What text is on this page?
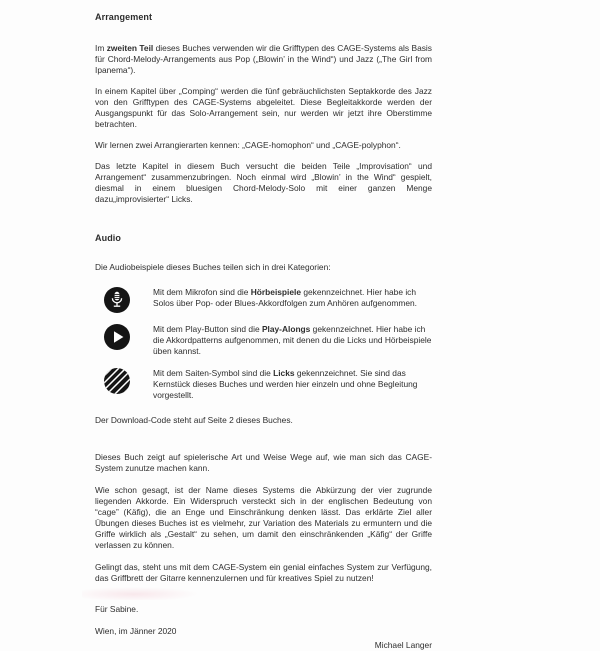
Arrangement

Im zweiten Teil dieses Buches verwenden wir die Grifftypen des CAGE-Systems als Basis für Chord-Melody-Arrangements aus Pop („Blowin’ in the Wind“) und Jazz („The Girl from Ipanema“).

In einem Kapitel über „Comping“ werden die fünf gebräuchlichsten Septakkorde des Jazz von den Grifftypen des CAGE-Systems abgeleitet. Diese Begleitakkorde werden der Ausgangspunkt für das Solo-Arrangement sein, nur werden wir jetzt ihre Oberstimme betrachten.

Wir lernen zwei Arrangierarten kennen: „CAGE-homophon“ und „CAGE-polyphon“.

Das letzte Kapitel in diesem Buch versucht die beiden Teile „Improvisation“ und Arrangement“ zusammenzubringen. Noch einmal wird „Blowin’ in the Wind“ gespielt, diesmal in einem bluesigen Chord-Melody-Solo mit einer ganzen Menge dazu„improvisierter“ Licks.

Audio
Die Audiobeispiele dieses Buches teilen sich in drei Kategorien:
Mit dem Mikrofon sind die Hörbeispiele gekennzeichnet. Hier habe ich Solos über Pop- oder Blues-Akkordfolgen zum Anhören aufgenommen.
Mit dem Play-Button sind die Play-Alongs gekennzeichnet. Hier habe ich die Akkordpatterns aufgenommen, mit denen du die Licks und Hörbeispiele üben kannst.
Mit dem Saiten-Symbol sind die Licks gekennzeichnet. Sie sind das Kernstück dieses Buches und werden hier einzeln und ohne Begleitung vorgestellt.
Der Download-Code steht auf Seite 2 dieses Buches.

Dieses Buch zeigt auf spielerische Art und Weise Wege auf, wie man sich das CAGE-System zunutze machen kann.

Wie schon gesagt, ist der Name dieses Systems die Abkürzung der vier zugrunde liegenden Akkorde. Ein Widerspruch versteckt sich in der englischen Bedeutung von “cage” (Käfig), die an Enge und Einschränkung denken lässt. Das erklärte Ziel aller Übungen dieses Buches ist es vielmehr, zur Variation des Materials zu ermuntern und die Griffe wirklich als „Gestalt“ zu sehen, um damit den einschränkenden „Käfig“ der Griffe verlassen zu können.

Gelingt das, steht uns mit dem CAGE-System ein genial einfaches System zur Verfügung, das Griffbrett der Gitarre kennenzulernen und für kreatives Spiel zu nutzen!

Für Sabine.
Wien, im Jänner 2020
Michael Langer
